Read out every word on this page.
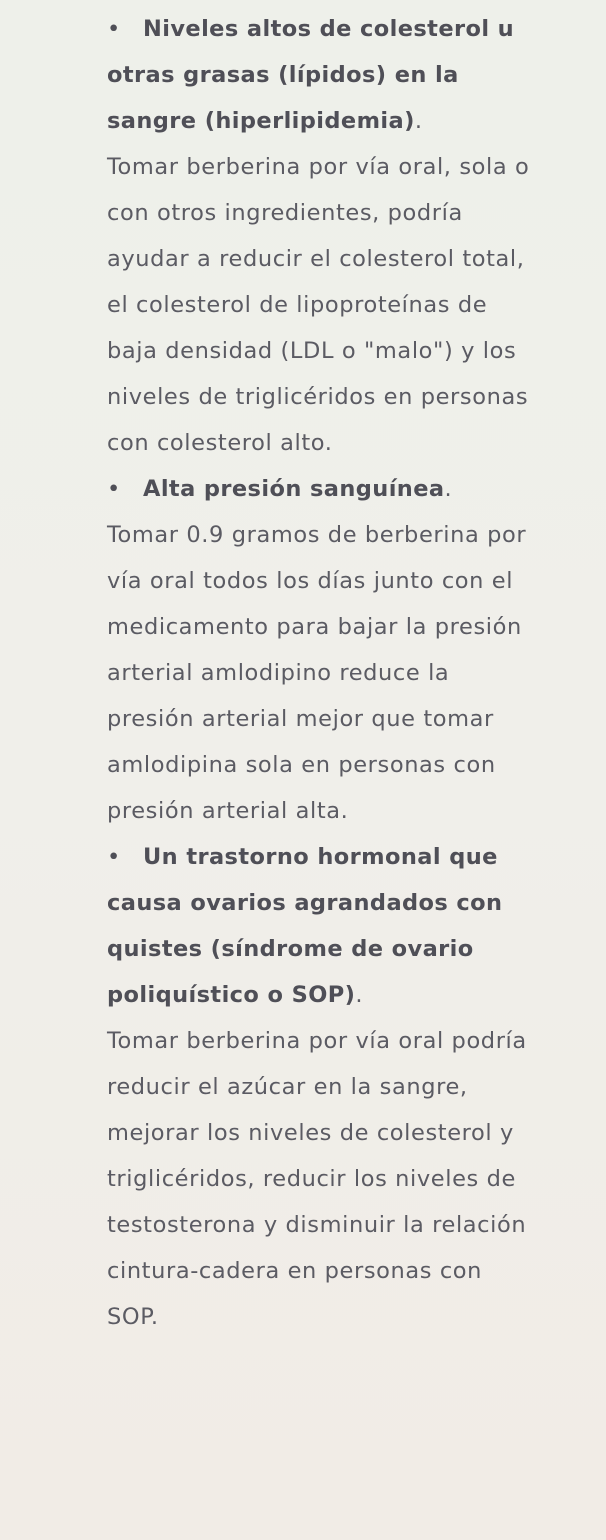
• Niveles altos de colesterol u otras grasas (lípidos) en la sangre (hiperlipidemia).
Tomar berberina por vía oral, sola o con otros ingredientes, podría ayudar a reducir el colesterol total, el colesterol de lipoproteínas de baja densidad (LDL o "malo") y los niveles de triglicéridos en personas con colesterol alto.
• Alta presión sanguínea.
Tomar 0.9 gramos de berberina por vía oral todos los días junto con el medicamento para bajar la presión arterial amlodipino reduce la presión arterial mejor que tomar amlodipina sola en personas con presión arterial alta.
• Un trastorno hormonal que causa ovarios agrandados con quistes (síndrome de ovario poliquístico o SOP).
Tomar berberina por vía oral podría reducir el azúcar en la sangre, mejorar los niveles de colesterol y triglicéridos, reducir los niveles de testosterona y disminuir la relación cintura-cadera en personas con SOP.
